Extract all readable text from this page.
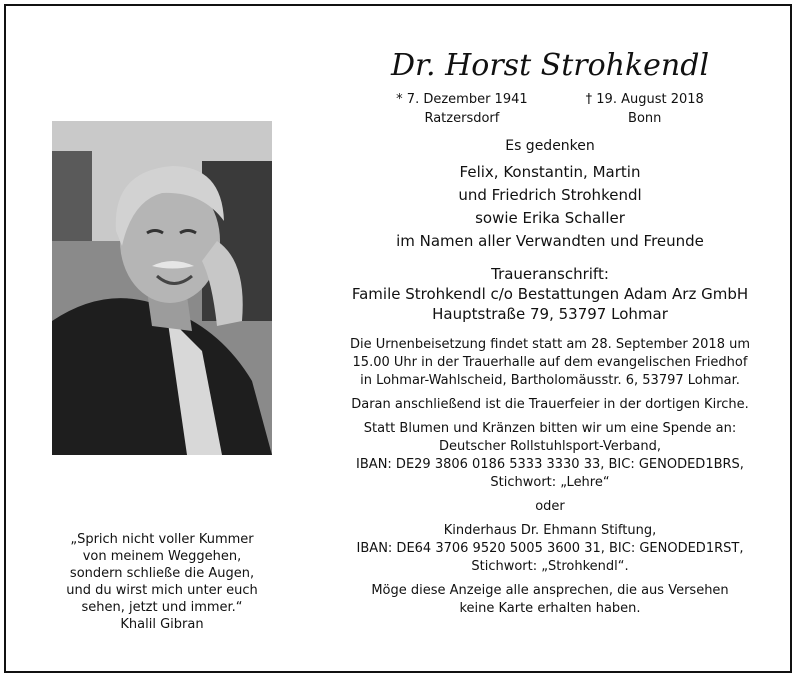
„Sprich nicht voller Kummer
von meinem Weggehen,
sondern schließe die Augen,
und du wirst mich unter euch
sehen, jetzt und immer.“
Khalil Gibran
Dr. Horst Strohkendl
* 7. Dezember 1941
Ratzersdorf
† 19. August 2018
Bonn
Es gedenken
Felix, Konstantin, Martin
und Friedrich Strohkendl
sowie Erika Schaller
im Namen aller Verwandten und Freunde
Traueranschrift:
Famile Strohkendl c/o Bestattungen Adam Arz GmbH
Hauptstraße 79, 53797 Lohmar
Die Urnenbeisetzung findet statt am 28. September 2018 um
15.00 Uhr in der Trauerhalle auf dem evangelischen Friedhof
in Lohmar-Wahlscheid, Bartholomäusstr. 6, 53797 Lohmar.
Daran anschließend ist die Trauerfeier in der dortigen Kirche.
Statt Blumen und Kränzen bitten wir um eine Spende an:
Deutscher Rollstuhlsport-Verband,
IBAN: DE29 3806 0186 5333 3330 33, BIC: GENODED1BRS,
Stichwort: „Lehre“
oder
Kinderhaus Dr. Ehmann Stiftung,
IBAN: DE64 3706 9520 5005 3600 31, BIC: GENODED1RST,
Stichwort: „Strohkendl“.
Möge diese Anzeige alle ansprechen, die aus Versehen
keine Karte erhalten haben.
